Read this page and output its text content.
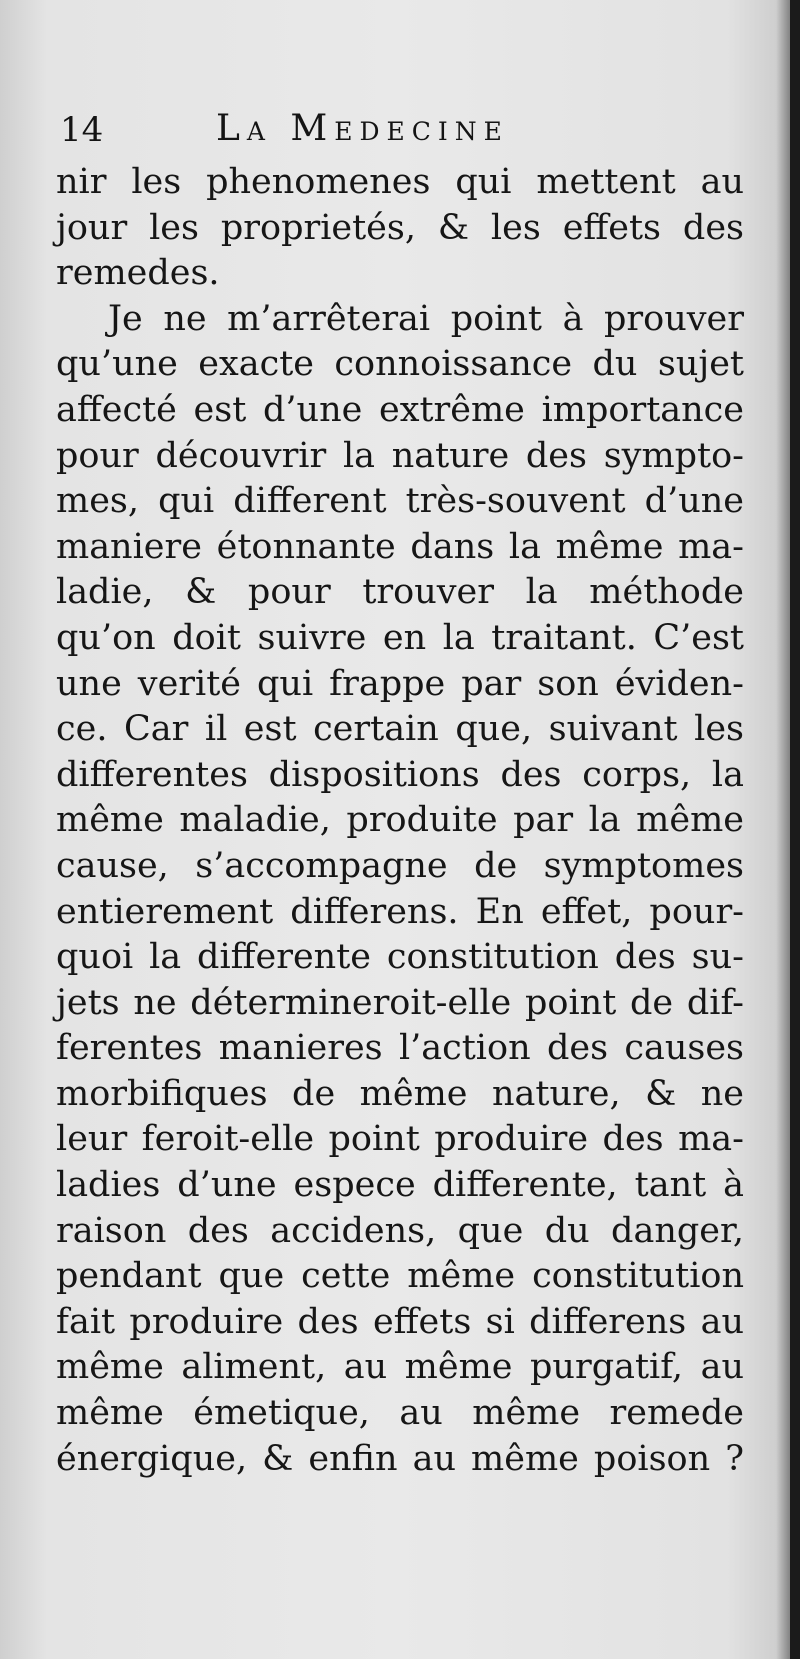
14	La Medecine
nir les phenomenes qui mettent au
jour les proprietés, & les effets des
remedes.
Je ne m’arrêterai point à prouver
qu’une exacte connoissance du sujet
affecté est d’une extrême importance
pour découvrir la nature des sympto-
mes, qui different très-souvent d’une
maniere étonnante dans la même ma-
ladie, & pour trouver la méthode
qu’on doit suivre en la traitant. C’est
une verité qui frappe par son éviden-
ce. Car il est certain que, suivant les
differentes dispositions des corps, la
même maladie, produite par la même
cause, s’accompagne de symptomes
entierement differens. En effet, pour-
quoi la differente constitution des su-
jets ne détermineroit-elle point de dif-
ferentes manieres l’action des causes
morbifiques de même nature, & ne
leur feroit-elle point produire des ma-
ladies d’une espece differente, tant à
raison des accidens, que du danger,
pendant que cette même constitution
fait produire des effets si differens au
même aliment, au même purgatif, au
même émetique, au même remede
énergique, & enfin au même poison ?
